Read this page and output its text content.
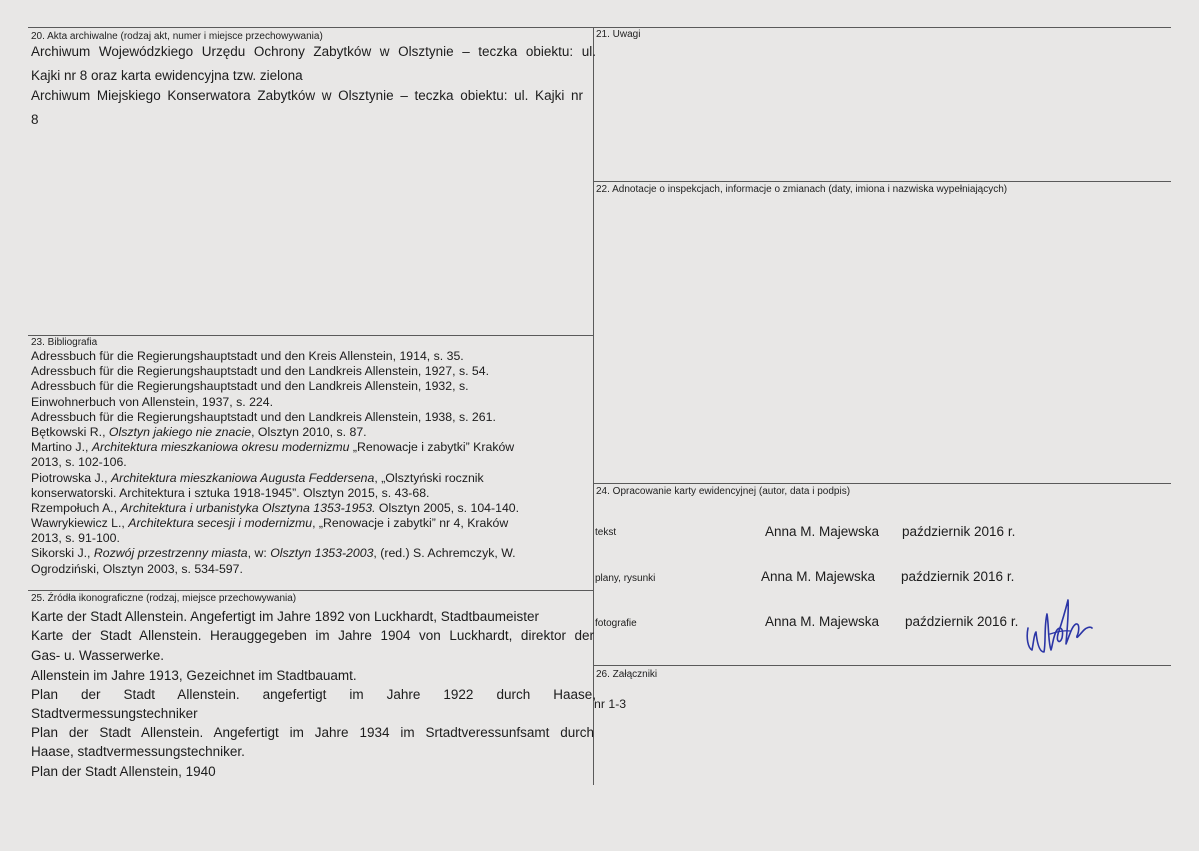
20. Akta archiwalne (rodzaj akt, numer i miejsce przechowywania)
Archiwum Wojewódzkiego Urzędu Ochrony Zabytków w Olsztynie – teczka obiektu: ul.
Kajki nr 8 oraz karta ewidencyjna tzw. zielona
Archiwum Miejskiego Konserwatora Zabytków w Olsztynie – teczka obiektu: ul. Kajki nr
8
21. Uwagi
22. Adnotacje o inspekcjach, informacje o zmianach (daty, imiona i nazwiska wypełniających)
23. Bibliografia
Adressbuch für die Regierungshauptstadt und den Kreis Allenstein, 1914, s. 35.
Adressbuch für die Regierungshauptstadt und den Landkreis Allenstein, 1927, s. 54.
Adressbuch für die Regierungshauptstadt und den Landkreis Allenstein, 1932, s.
Einwohnerbuch von Allenstein, 1937, s. 224.
Adressbuch für die Regierungshauptstadt und den Landkreis Allenstein, 1938, s. 261.
Bętkowski R., Olsztyn jakiego nie znacie, Olsztyn 2010, s. 87.
Martino J., Architektura mieszkaniowa okresu modernizmu „Renowacje i zabytki” Kraków
2013, s. 102-106.
Piotrowska J., Architektura mieszkaniowa Augusta Feddersena, „Olsztyński rocznik
konserwatorski. Architektura i sztuka 1918-1945”. Olsztyn 2015, s. 43-68.
Rzempołuch A., Architektura i urbanistyka Olsztyna 1353-1953. Olsztyn 2005, s. 104-140.
Wawrykiewicz L., Architektura secesji i modernizmu, „Renowacje i zabytki” nr 4, Kraków
2013, s. 91-100.
Sikorski J., Rozwój przestrzenny miasta, w: Olsztyn 1353-2003, (red.) S. Achremczyk, W.
Ogrodziński, Olsztyn 2003, s. 534-597.
25. Źródła ikonograficzne (rodzaj, miejsce przechowywania)
Karte der Stadt Allenstein. Angefertigt im Jahre 1892 von Luckhardt, Stadtbaumeister
Karte der Stadt Allenstein. Herauggegeben im Jahre 1904 von Luckhardt, direktor der
Gas- u. Wasserwerke.
Allenstein im Jahre 1913, Gezeichnet im Stadtbauamt.
Plan der Stadt Allenstein. angefertigt im Jahre 1922 durch Haase,
Stadtvermessungstechniker
Plan der Stadt Allenstein. Angefertigt im Jahre 1934 im Srtadtveressunfsamt durch
Haase, stadtvermessungstechniker.
Plan der Stadt Allenstein, 1940
24. Opracowanie karty ewidencyjnej (autor, data i podpis)
tekst	Anna M. Majewska październik 2016 r.
plany, rysunki	Anna M. Majewska październik 2016 r.
fotografie	Anna M. Majewska październik 2016 r.
26. Załączniki
nr 1-3
